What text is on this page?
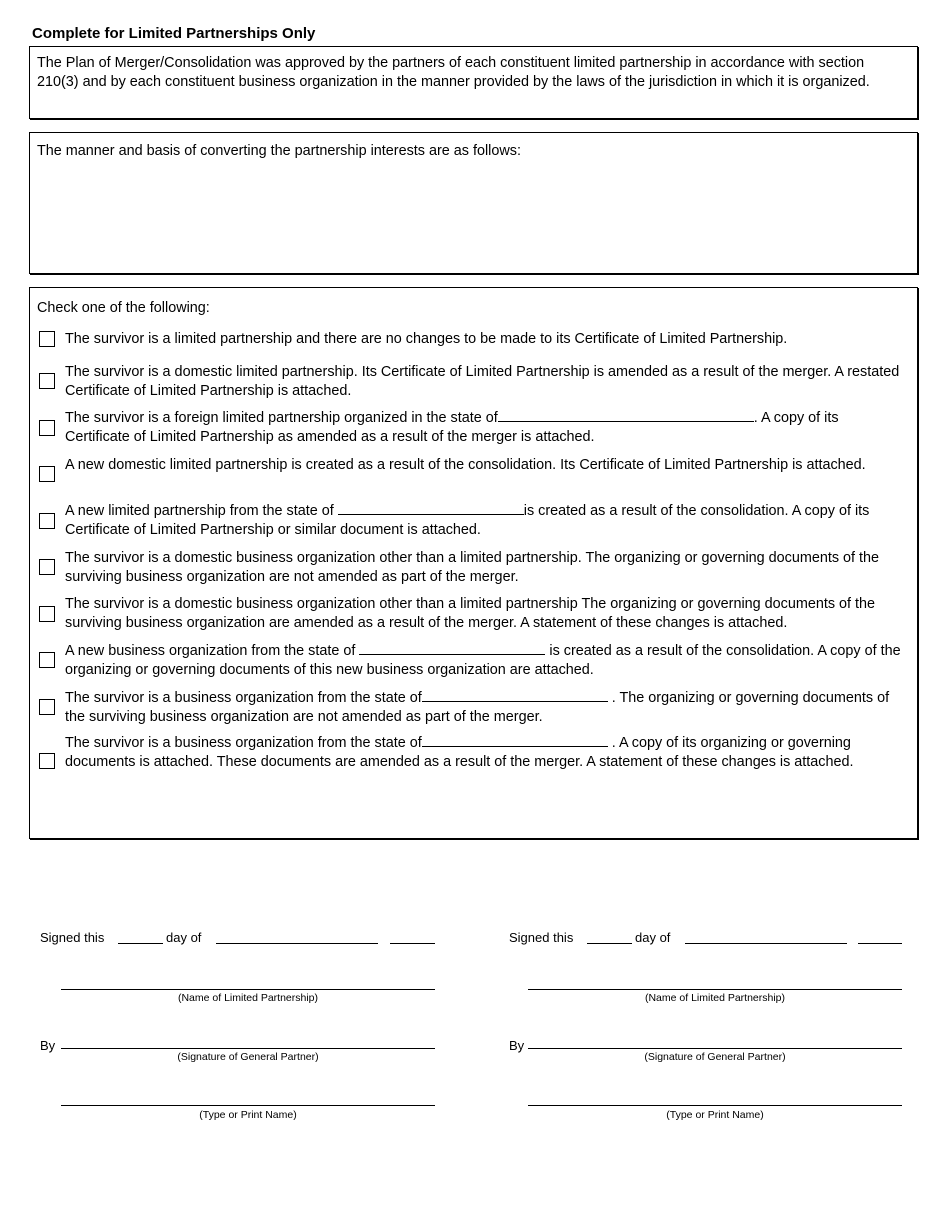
Complete for Limited Partnerships Only
The Plan of Merger/Consolidation was approved by the partners of each constituent limited partnership in accordance with section 210(3) and by each constituent business organization in the manner provided by the laws of the jurisdiction in which it is organized.
The manner and basis of converting the partnership interests are as follows:
Check one of the following:
The survivor is a limited partnership and there are no changes to be made to its Certificate of Limited Partnership.
The survivor is a domestic limited partnership. Its Certificate of Limited Partnership is amended as a result of the merger. A restated Certificate of Limited Partnership is attached.
The survivor is a foreign limited partnership organized in the state of	. A copy of its Certificate of Limited Partnership as amended as a result of the merger is attached.
A new domestic limited partnership is created as a result of the consolidation. Its Certificate of Limited Partnership is attached.
A new limited partnership from the state of	is created as a result of the consolidation. A copy of its Certificate of Limited Partnership or similar document is attached.
The survivor is a domestic business organization other than a limited partnership. The organizing or governing documents of the surviving business organization are not amended as part of the merger.
The survivor is a domestic business organization other than a limited partnership The organizing or governing documents of the surviving business organization are amended as a result of the merger. A statement of these changes is attached.
A new business organization from the state of	is created as a result of the consolidation. A copy of the organizing or governing documents of this new business organization are attached.
The survivor is a business organization from the state of	. The organizing or governing documents of the surviving business organization are not amended as part of the merger.
The survivor is a business organization from the state of	. A copy of its organizing or governing documents is attached. These documents are amended as a result of the merger. A statement of these changes is attached.
Signed this	day of
(Name of Limited Partnership)
By
(Signature of General Partner)
(Type or Print Name)
Signed this	day of
(Name of Limited Partnership)
By
(Signature of General Partner)
(Type or Print Name)
